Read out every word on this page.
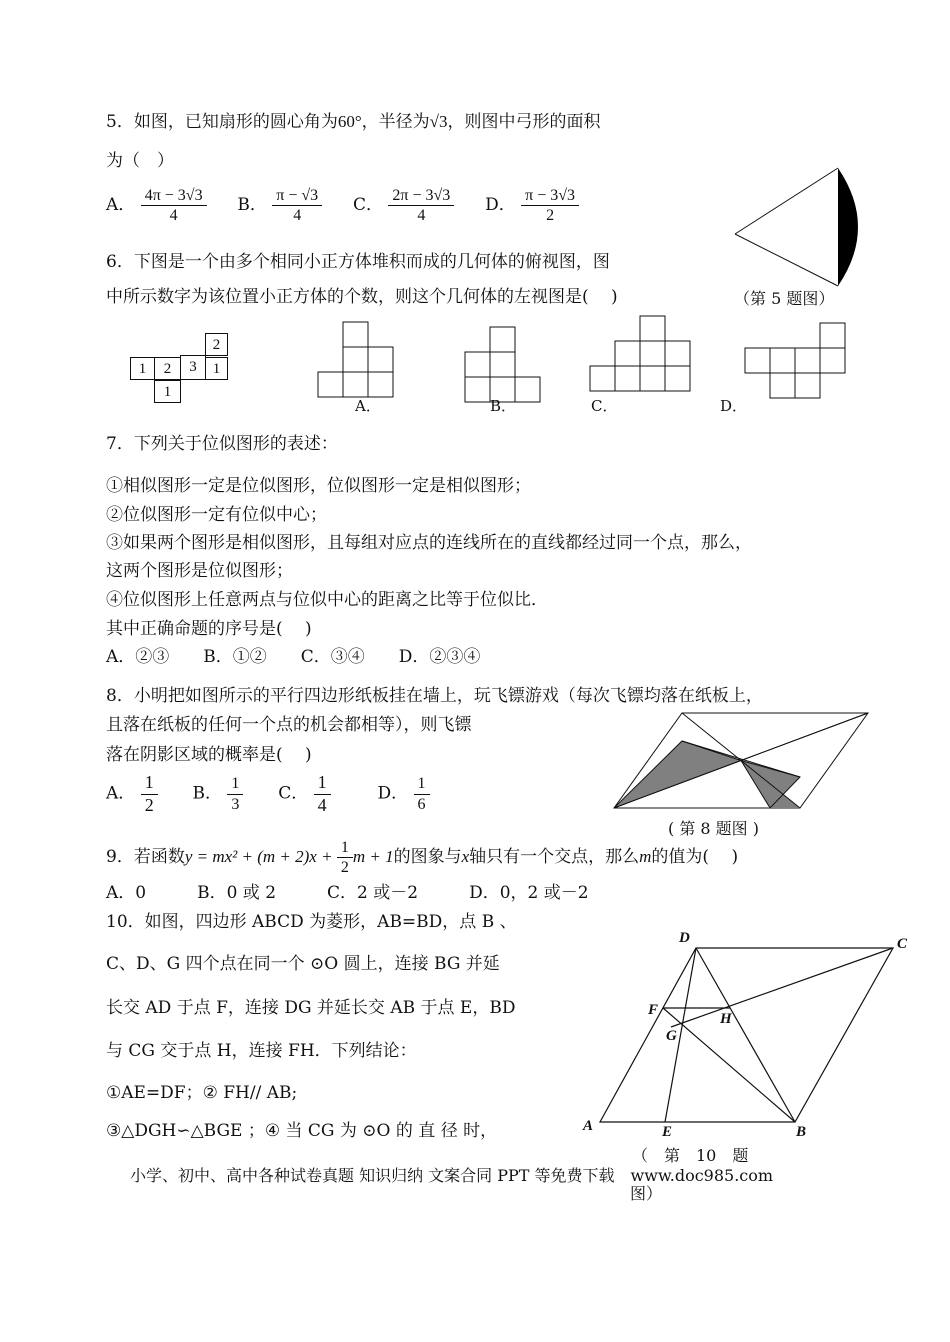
5．如图，已知扇形的圆心角为60°，半径为√3，则图中弓形的面积
为（　）
A． $\frac{4\pi - 3√3}{4}$ B． $\frac{\pi - √3}{4}$ C． $\frac{2\pi - 3√3}{4}$ D． $\frac{\pi - 3√3}{2}$
（第 5 题图）
6．下图是一个由多个相同小正方体堆积而成的几何体的俯视图，图
中所示数字为该位置小正方体的个数，则这个几何体的左视图是(　 )
2
1	2	3	1
1
A．	B．	C．	D．
7．下列关于位似图形的表述：
①相似图形一定是位似图形，位似图形一定是相似图形；
②位似图形一定有位似中心；
③如果两个图形是相似图形，且每组对应点的连线所在的直线都经过同一个点，那么，
这两个图形是位似图形；
④位似图形上任意两点与位似中心的距离之比等于位似比．
其中正确命题的序号是(　 )
A．②③　　B．①②　　C．③④　　D．②③④
8．小明把如图所示的平行四边形纸板挂在墙上，玩飞镖游戏（每次飞镖均落在纸板上，
且落在纸板的任何一个点的机会都相等），则飞镖
落在阴影区域的概率是(　 )
A． $\frac{1}{2}$ B． $\frac{1}{3}$ C． $\frac{1}{4}$	D． $\frac{1}{6}$
( 第 8 题图 )
9．若函数$y = mx^2 + (m + 2)x + \frac{1}{2}$ m + 1的图象与x轴只有一个交点，那么m的值为(　 )
A．0　　　B．0 或 2　　　C．2 或－2　　　D．0，2 或－2
10．如图，四边形 ABCD 为菱形，AB=BD，点 B 、
C、D、G 四个点在同一个 ⊙O 圆上，连接 BG 并延
长交 AD 于点 F，连接 DG 并延长交 AB 于点 E，BD
与 CG 交于点 H，连接 FH．下列结论：
①AE=DF；② FH// AB;
③△DGH∽△BGE ；④ 当 CG 为 ⊙O 的 直 径 时，
D	C
F
H
G
A	E	B
（　第　10　题
图）
小学、初中、高中各种试卷真题 知识归纳 文案合同 PPT 等免费下载　www.doc985.com
